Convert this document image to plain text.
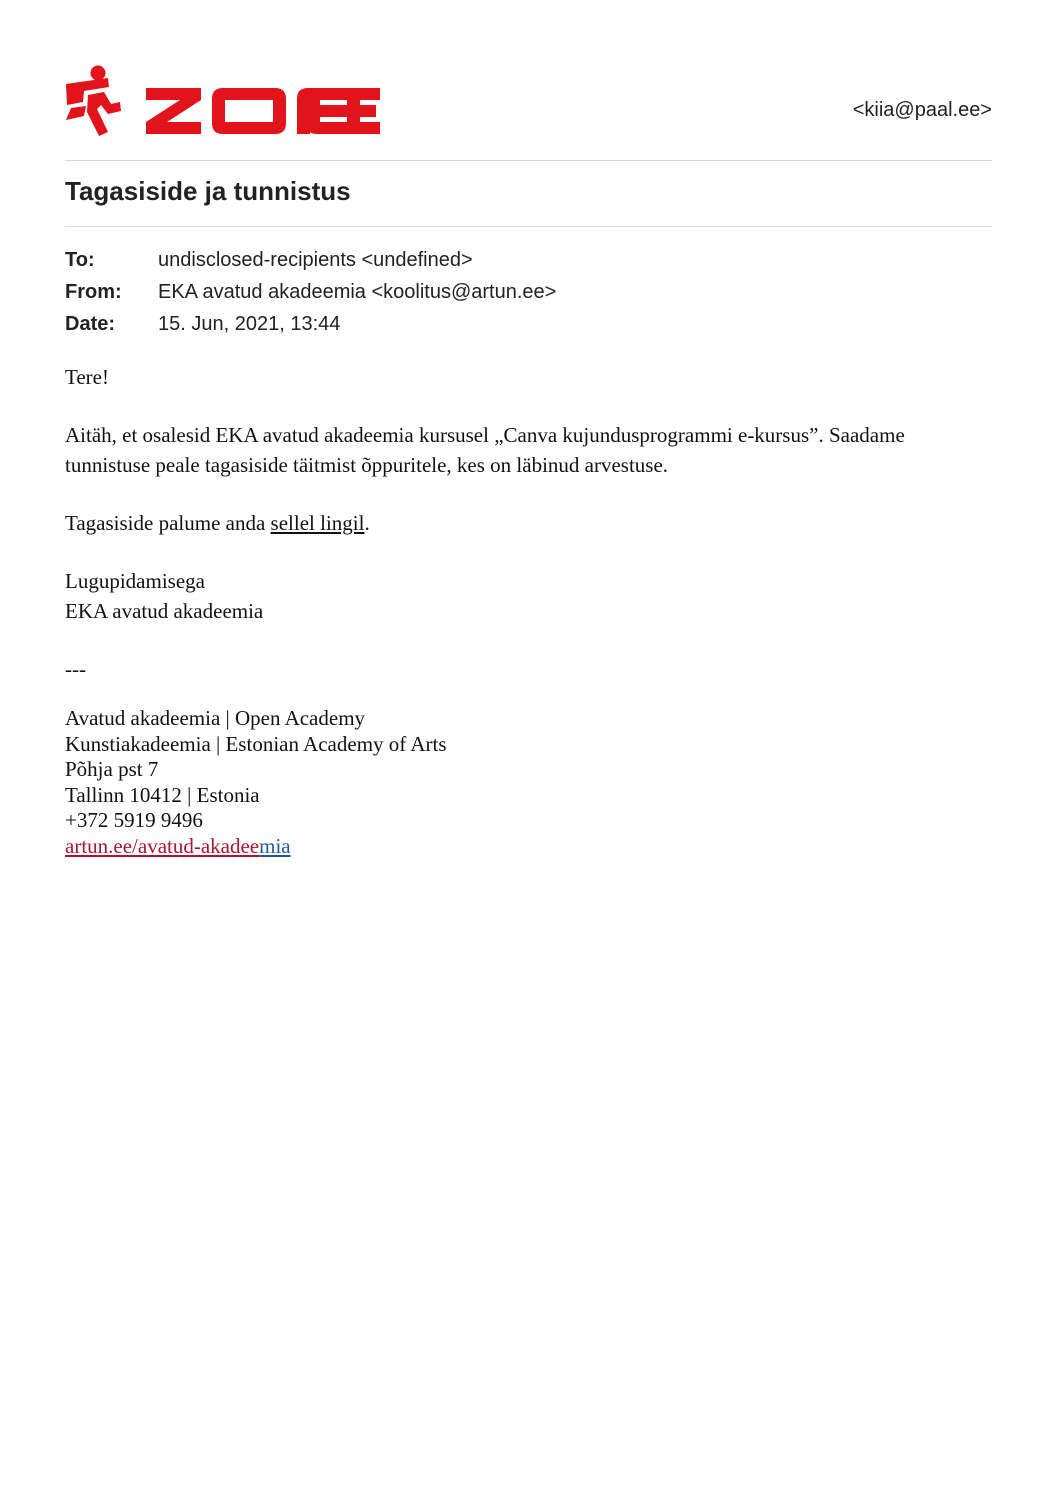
<kiia@paal.ee>
Tagasiside ja tunnistus
To:	undisclosed-recipients <undefined>
From:	EKA avatud akadeemia <koolitus@artun.ee>
Date:	15. Jun, 2021, 13:44

Tere!

Aitäh, et osalesid EKA avatud akadeemia kursusel „Canva kujundusprogrammi e-kursus”. Saadame tunnistuse peale tagasiside täitmist õppuritele, kes on läbinud arvestuse.

Tagasiside palume anda sellel lingil.

Lugupidamisega

EKA avatud akadeemia

---

Avatud akadeemia | Open Academy

Kunstiakadeemia | Estonian Academy of Arts

Põhja pst 7

Tallinn 10412 | Estonia

+372 5919 9496

artun.ee/avatud-akadeemia
